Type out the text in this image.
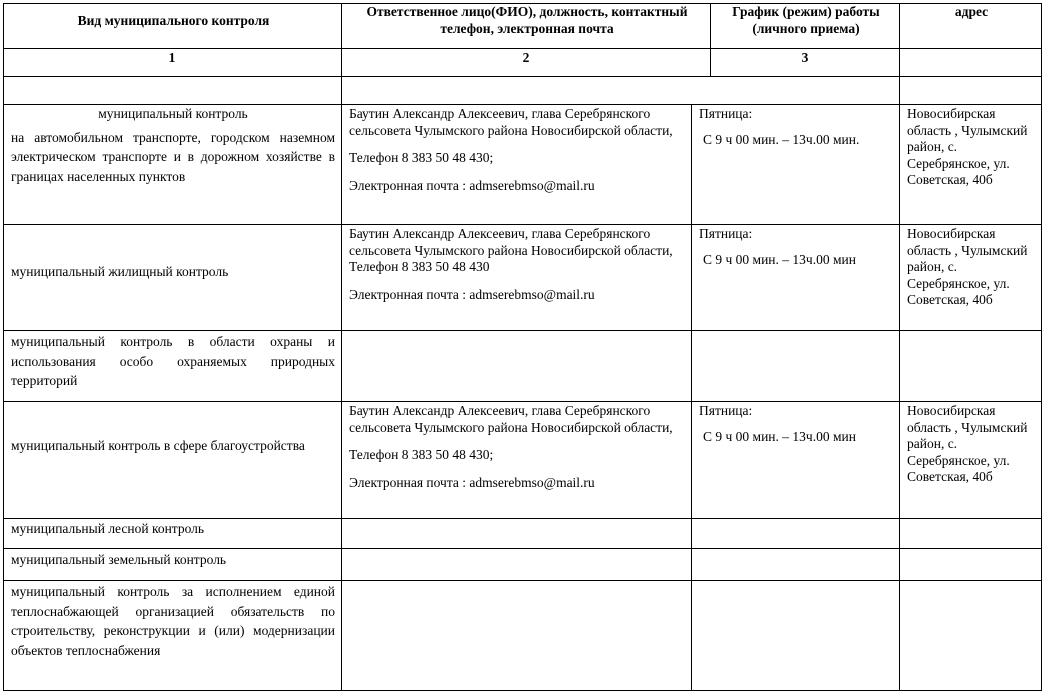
Вид муниципального контроля
Ответственное лицо(ФИО), должность, контактный телефон, электронная почта
График (режим) работы (личного приема)
адрес
1	2	3
муниципальный контроль
на автомобильном транспорте, городском наземном электрическом транспорте и в дорожном хозяйстве в границах населенных пунктов
Баутин Александр Алексеевич, глава Серебрянского сельсовета Чулымского района Новосибирской области,
Телефон 8 383 50 48 430;
Электронная почта : admserebmso@mail.ru
Пятница:
С 9 ч 00 мин. – 13ч.00 мин.
Новосибирская область , Чулымский район, с. Серебрянское, ул. Советская, 40б
муниципальный жилищный контроль
Баутин Александр Алексеевич, глава Серебрянского сельсовета Чулымского района Новосибирской области,
Телефон 8 383 50 48 430
Электронная почта : admserebmso@mail.ru
Пятница:
С 9 ч 00 мин. – 13ч.00 мин
Новосибирская область , Чулымский район, с. Серебрянское, ул. Советская, 40б
муниципальный контроль в области охраны и использования особо охраняемых природных территорий
муниципальный контроль в сфере благоустройства
Баутин Александр Алексеевич, глава Серебрянского сельсовета Чулымского района Новосибирской области,
Телефон 8 383 50 48 430;
Электронная почта : admserebmso@mail.ru
Пятница:
С 9 ч 00 мин. – 13ч.00 мин
Новосибирская область , Чулымский район, с. Серебрянское, ул. Советская, 40б
муниципальный лесной контроль
муниципальный земельный контроль
муниципальный контроль за исполнением единой теплоснабжающей организацией обязательств по строительству, реконструкции и (или) модернизации объектов теплоснабжения
